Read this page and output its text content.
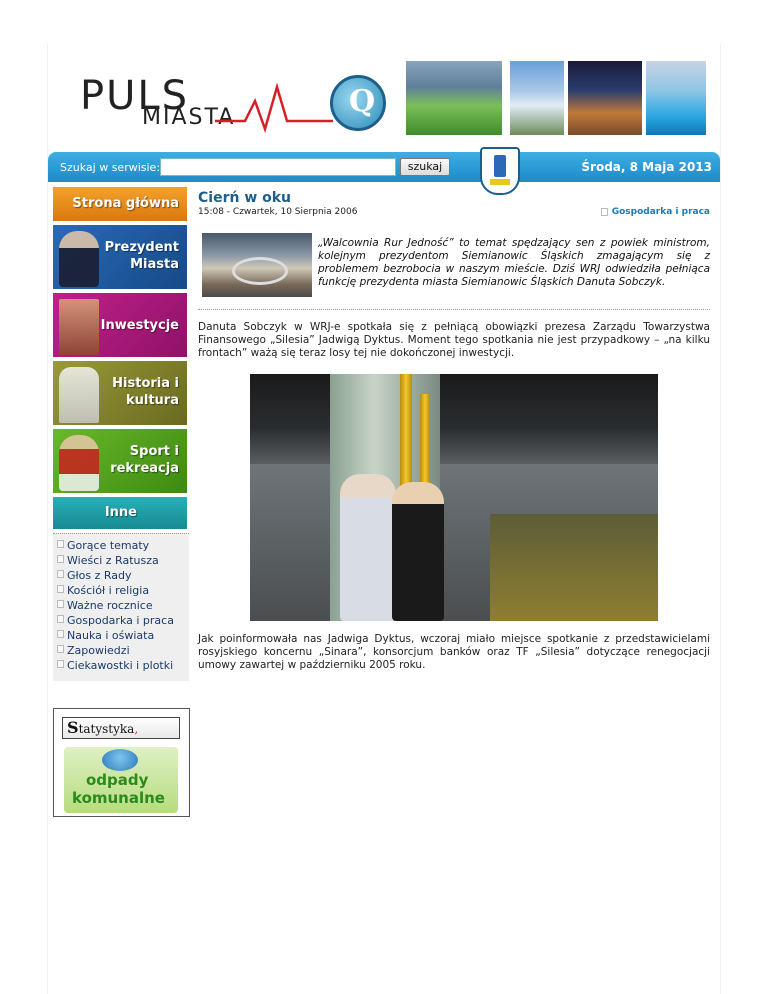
PULS
MIASTA	Q
Szukaj w serwisie:	szukaj	Środa, 8 Maja 2013
Strona główna
Prezydent Miasta
Inwestycje
Historia i kultura
Sport i rekreacja
Inne
Gorące tematy
Wieści z Ratusza
Głos z Rady
Kościół i religia
Ważne rocznice
Gospodarka i praca
Nauka i oświata
Zapowiedzi
Ciekawostki i plotki
Statystyka,
odpady
komunalne
Cierń w oku
15:08 - Czwartek, 10 Sierpnia 2006	Gospodarka i praca
„Walcownia Rur Jedność” to temat spędzający sen z powiek ministrom, kolejnym prezydentom Siemianowic Śląskich zmagającym się z problemem bezrobocia w naszym mieście. Dziś WRJ odwiedziła pełniąca funkcję prezydenta miasta Siemianowic Śląskich Danuta Sobczyk.

Danuta Sobczyk w WRJ-e spotkała się z pełniącą obowiązki prezesa Zarządu Towarzystwa Finansowego „Silesia” Jadwigą Dyktus. Moment tego spotkania nie jest przypadkowy – „na kilku frontach” ważą się teraz losy tej nie dokończonej inwestycji.

Jak poinformowała nas Jadwiga Dyktus, wczoraj miało miejsce spotkanie z przedstawicielami rosyjskiego koncernu „Sinara”, konsorcjum banków oraz TF „Silesia” dotyczące renegocjacji umowy zawartej w październiku 2005 roku.
